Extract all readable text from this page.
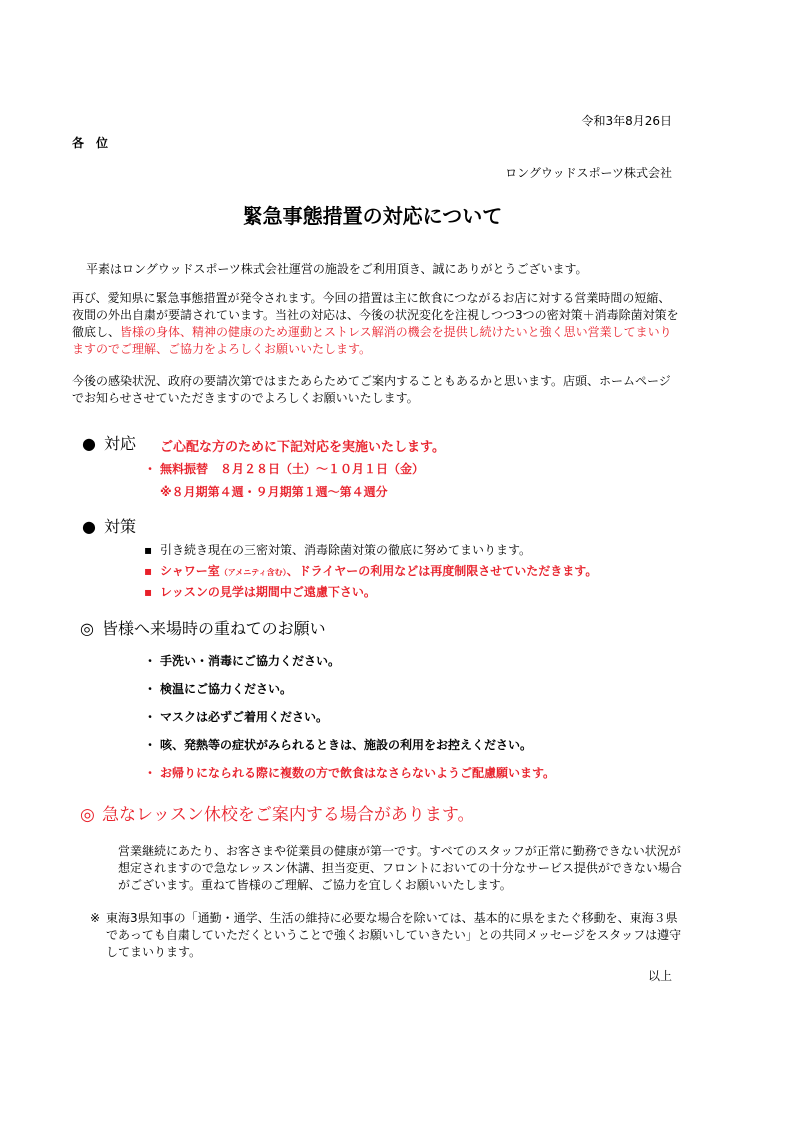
令和3年8月26日
各位
ロングウッドスポーツ株式会社
緊急事態措置の対応について
平素はロングウッドスポーツ株式会社運営の施設をご利用頂き、誠にありがとうございます。
再び、愛知県に緊急事態措置が発令されます。今回の措置は主に飲食につながるお店に対する営業時間の短縮、夜間の外出自粛が要請されています。当社の対応は、今後の状況変化を注視しつつ3つの密対策＋消毒除菌対策を徹底し、皆様の身体、精神の健康のため運動とストレス解消の機会を提供し続けたいと強く思い営業してまいりますのでご理解、ご協力をよろしくお願いいたします。
今後の感染状況、政府の要請次第ではまたあらためてご案内することもあるかと思います。店頭、ホームページでお知らせさせていただきますのでよろしくお願いいたします。
● 対応 ご心配な方のために下記対応を実施いたします。
・ 無料振替　８月２８日（土）～１０月１日（金）
※８月期第４週・９月期第１週～第４週分
● 対策
▪ 引き続き現在の三密対策、消毒除菌対策の徹底に努めてまいります。
▪ シャワー室（アメニティ含む）、ドライヤーの利用などは再度制限させていただきます。
▪ レッスンの見学は期間中ご遠慮下さい。
◎ 皆様へ来場時の重ねてのお願い
・ 手洗い・消毒にご協力ください。
・ 検温にご協力ください。
・ マスクは必ずご着用ください。
・ 咳、発熱等の症状がみられるときは、施設の利用をお控えください。
・ お帰りになられる際に複数の方で飲食はなさらないようご配慮願います。
◎ 急なレッスン休校をご案内する場合があります。
営業継続にあたり、お客さまや従業員の健康が第一です。すべてのスタッフが正常に勤務できない状況が想定されますので急なレッスン休講、担当変更、フロントにおいての十分なサービス提供ができない場合がございます。重ねて皆様のご理解、ご協力を宜しくお願いいたします。
※ 東海3県知事の「通勤・通学、生活の維持に必要な場合を除いては、基本的に県をまたぐ移動を、東海３県であっても自粛していただくということで強くお願いしていきたい」との共同メッセージをスタッフは遵守してまいります。
以上
